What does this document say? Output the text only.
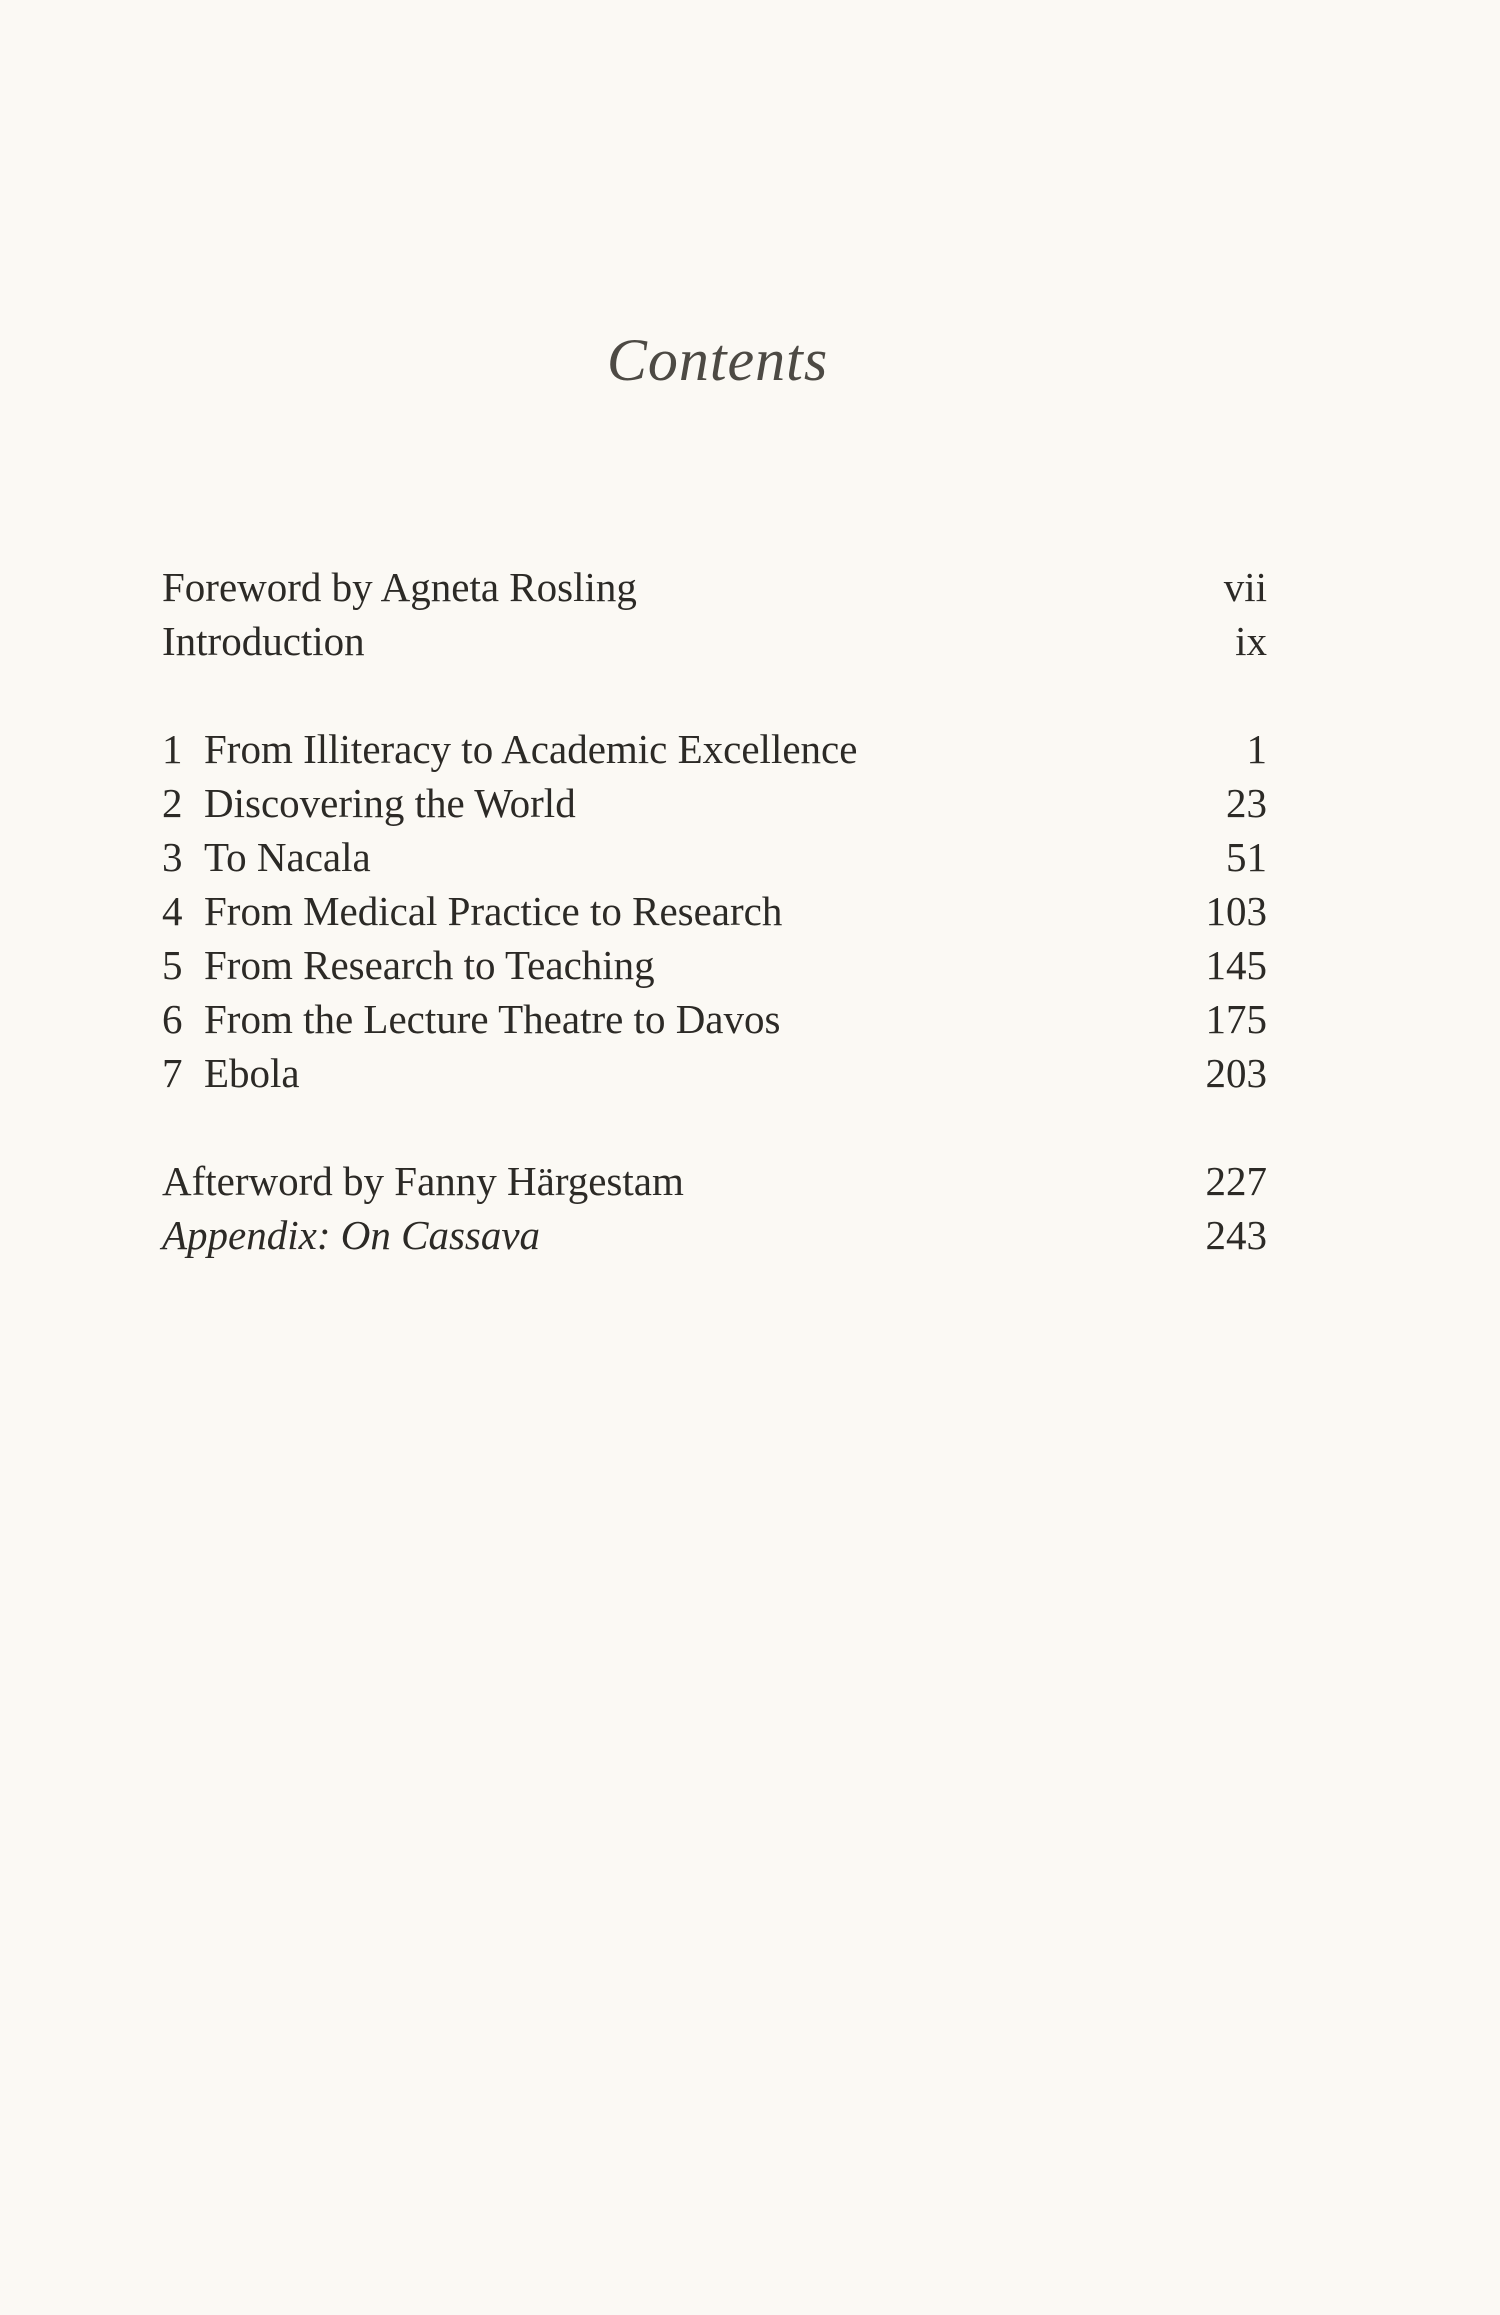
Contents
Foreword by Agneta Rosling	vii
Introduction	ix
1 From Illiteracy to Academic Excellence	1
2 Discovering the World	23
3 To Nacala	51
4 From Medical Practice to Research	103
5 From Research to Teaching	145
6 From the Lecture Theatre to Davos	175
7 Ebola	203
Afterword by Fanny Härgestam	227
Appendix: On Cassava	243
